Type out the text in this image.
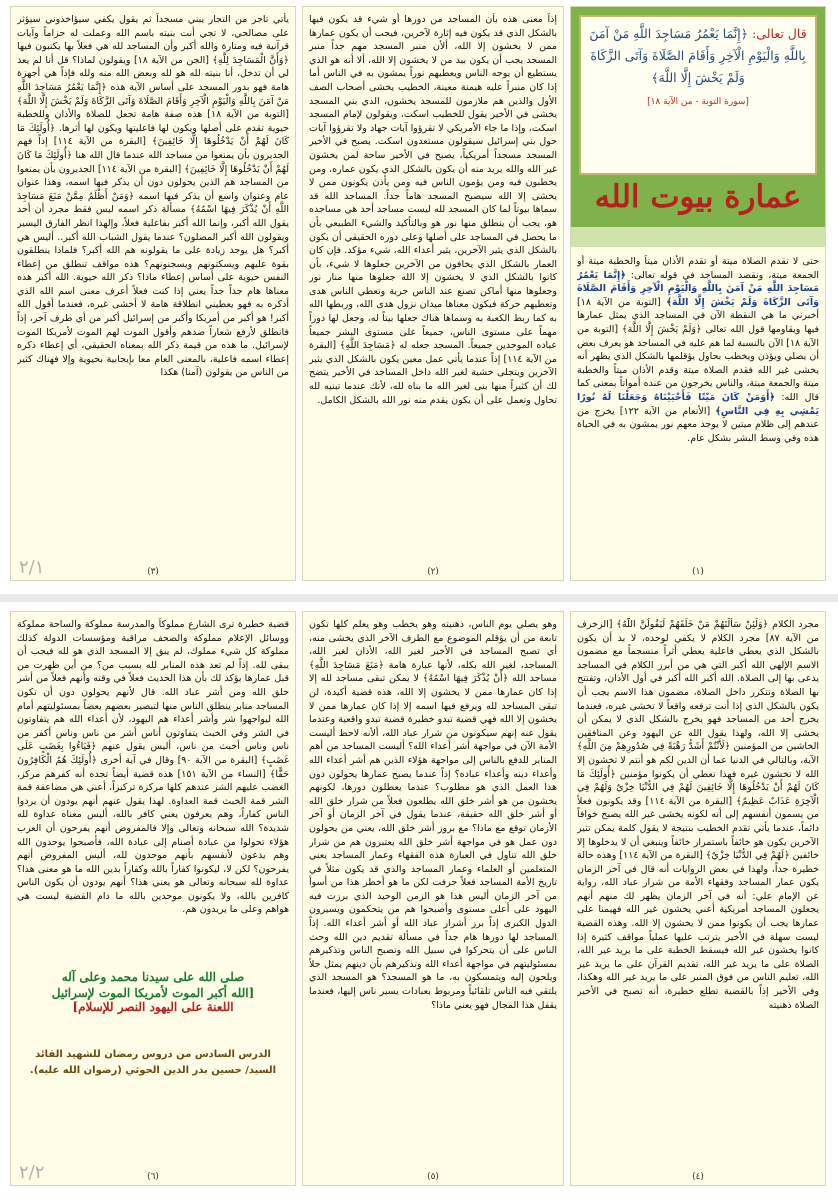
قال تعالى: ﴿إِنَّمَا يَعْمُرُ مَسَاجِدَ اللَّهِ مَنْ آمَنَ بِاللَّهِ وَالْيَوْمِ الْآخِرِ وَأَقَامَ الصَّلَاةَ وَآتَى الزَّكَاةَ وَلَمْ يَخْشَ إِلَّا اللَّهَ﴾
[سورة التوبة - من الآية ١٨]
عمارة بيوت الله

حتى لا تقدم الصلاة ميتة أو تقدم الأذان ميتاً والخطبة ميتة أو الجمعة ميتة، ونقصد المساجد في قوله تعالى: ﴿إِنَّمَا يَعْمُرُ مَسَاجِدَ اللَّهِ مَنْ آمَنَ بِاللَّهِ وَالْيَوْمِ الْآخِرِ وَأَقَامَ الصَّلَاةَ وَآتَى الزَّكَاةَ وَلَمْ يَخْشَ إِلَّا اللَّهَ﴾ [التوبة من الآية ١٨] أخبرني ما هي النقطة الآن في المساجد الذي يمثل عمارها فيها ويقاومها قول الله تعالى ﴿وَلَمْ يَخْشَ إِلَّا اللَّهَ﴾ [التوبة من الآية ١٨] الآن بالنسبة لما هم عليه في المساجد هو يعرف بعض أن يصلي ويؤذن ويخطب بحاول يؤقلمها بالشكل الذي يظهر أنه يخشى غير الله فقدم الصلاة ميتة وقدم الأذان ميتاً والخطبة ميتة والجمعة ميتة، والناس يخرجون من عنده أمواتاً بمعنى كما قال الله: ﴿أَوَمَنْ كَانَ مَيْتًا فَأَحْيَيْنَاهُ وَجَعَلْنَا لَهُ نُورًا يَمْشِي بِهِ فِي النَّاسِ﴾ [الأنعام من الآية ١٢٢] يخرج من عندهم إلى ظلام ميتين لا يوجد معهم نور يمشون به في الحياة هذه وفي وسط البشر بشكل عام.

(١)

إذاً معنى هذه بأن المساجد من دورها أو شيء قد يكون فيها بالشكل الذي قد يكون فيه إثارة لآخرين، فيجب أن يكون عمارها ممن لا يخشون إلا الله، ألأن منبر المسجد مهم جداً منبر المسجد يجب أن يكون بيد من لا يخشون إلا الله، ألا أنه هو الذي يستطيع أن يوجه الناس ويعطيهم نوراً يمشون به في الناس أما إذا كان منبراً عليه هيمنة معينة، الخطيب يخشى أصحاب الصف الأول والذين هم ملازمون للمسجد يخشون، الذي بني المسجد يخشى في الأخير يقول للخطيب اسكت، ويقولون لإمام المسجد اسكت، وإذا ما جاء الأمريكي لا تقرؤوا آيات جهاد ولا تقرؤوا آيات حول بني إسرائيل سيقولون مستعدون اسكت. يصبح في الأخير المسجد مسجداً أمريكياً، يصبح في الأخير ساحة لمن يخشون غير الله والله يريد منه أن يكون بالشكل الذي يكون عماره، ومن يخطبون فيه ومن يؤمون الناس فيه ومن يأذن يكونون ممن لا يخشى إلا الله سيصبح المسجد هاماً جداً. المساجد الله قد سماها بيوتاً لما كان المسجد لله ليست مساجد أحد هي مساجده هو، يجب أن ينطلق منها نور هو وبالتأكيد والشيء الطبيعي بأن ما يحصل في المساجد على أصلها وعلى دوره الحقيقي أن يكون بالشكل الذي يثير الآخرين، يثير أعداء الله، شيء مؤكد. فإن كان العمار بالشكل الذي يخافون من الآخرين جعلوها لا شيء، بأن كانوا بالشكل الذي لا يخشون إلا الله جعلوها منها منار نور وجعلوها منها أماكن تصنع عند الناس حرية وتعطي الناس هدى وتعطيهم حركة فيكون معناها ميدان نزول هدى الله، وربطها الله به كما ربط الكعبة به وسماها هناك جعلها بيتاً له، وجعل لها دوراً مهماً على مستوى الناس، جميعاً على مستوى البشر جميعاً عباده الموحدين جميعاً. المسجد جعله له ﴿مَسَاجِدَ اللَّهِ﴾ [البقرة من الآية ١١٤] إذاً عندما يأتي عمل معين يكون بالشكل الذي يثير الآخرين ويتجلى خشية لغير الله داخل المساجد في الأخير يتضح لك أن كثيراً منها بنى لغير الله ما بناه لله، لأنك عندما تبنيه لله تحاول وتعمل على أن يكون يقدم منه نور الله بالشكل الكامل.

(٢)

يأتي تاجر من التجار يبني مسجداً ثم يقول يكفي سيؤاخذوني سيؤثر على مصالحي، لا تجي أنت بنيته باسم الله وعملت له حزاماً وآيات قرآنية فيه ومنارة والله أكبر وأن المساجد لله هي فعلاً بها يكتبون فيها ﴿وَأَنَّ الْمَسَاجِدَ لِلَّهِ﴾ [الجن من الآية ١٨] ويقولون لماذا؟ قل أنا لم يعد لي أن تدخل، أنا بنيته لله هو لله وبعض الله منه ولله فإذاً هي أجهزة هامة فهو بدور المسجد على أساس الآية هذه ﴿إِنَّمَا يَعْمُرُ مَسَاجِدَ اللَّهِ مَنْ آمَنَ بِاللَّهِ وَالْيَوْمِ الْآخِرِ وَأَقَامَ الصَّلَاةَ وَآتَى الزَّكَاةَ وَلَمْ يَخْشَ إِلَّا اللَّهَ﴾ [التوبة من الآية ١٨] هذه صفة هامة تجعل للصلاة والأذان وللخطبة حيوية تقدم على أصلها ويكون لها فاعليتها ويكون لها أثرها. ﴿أُولَئِكَ مَا كَانَ لَهُمْ أَنْ يَدْخُلُوهَا إِلَّا خَائِفِينَ﴾ [البقرة من الآية ١١٤] إذاً فهم الجديرون بأن يمنعوا من مساجد الله عندما قال الله هنا ﴿أُولَئِكَ مَا كَانَ لَهُمْ أَنْ يَدْخُلُوهَا إِلَّا خَائِفِينَ﴾ [البقرة من الآية ١١٤] الجديرون بأن يمنعوا من المساجد هم الذين يحولون دون أن يذكر فيها اسمه، وهذا عنوان عام وعنوان واسع أن يذكر فيها اسمه ﴿وَمَنْ أَظْلَمُ مِمَّنْ مَنَعَ مَسَاجِدَ اللَّهِ أَنْ يُذْكَرَ فِيهَا اسْمُهُ﴾ مسألة ذكر اسمه ليس فقط مجرد أن أحد يقول الله أكبر، وإنما الله أكبر بفاعلية فعلاً، وإلهذا انظر الفارق اليسير ويقولون الله أكبر المصلون؟ عندما يقول الشباب الله أكبر.. أليس هي أكبر؟ هل يوجد زيادة على ما يقولونه هم الله أكبر؟ فلماذا ينطلقون بقوة عليهم ويسكتونهم ويسجنونهم؟ هذه مواقف تنطلق من إعطاء النفس حيوية على أساس إعطاء ماذا؟ ذكر الله حيوية. الله أكبر هذه معناها هام جداً جداً يعني إذا كنت فعلاً أعرف معنى اسم الله الذي أذكره به فهو يعطيني انطلاقة هامة لا أخشى غيره، فعندما أقول الله أكبر! هو أكبر من أمريكا وأكبر من إسرائيل أكبر من أي طرف آخر، إذاً فانطلق لأرفع شعاراً ضدهم وأقول الموت لهم الموت لأمريكا الموت لإسرائيل. ما هذه من قيمة ذكر الله بمعناه الحقيقي، أي إعطاء ذكره إعطاء اسمه فاعلية، بالمعنى العام معا بإيجابية بحيوية وإلا فهناك كثير من الناس من يقولون (آمنا) هكذا

(٣)
٢/١

مجرد الكلام ﴿وَلَئِنْ سَأَلْتَهُمْ مَنْ خَلَقَهُمْ لَيَقُولُنَّ اللَّهُ﴾ [الزخرف من الآية ٨٧] مجرد الكلام لا يكفي لوحده، لا بد أن يكون بالشكل الذي يعطي فاعلية يعطي أثراً منسجماً مع مضمون الاسم الإلهي الله أكبر التي هي من أبرز الكلام في المساجد يدعى بها إلى الصلاة. الله أكبر الله أكبر في أول الأذان، وتفتتح بها الصلاة وتتكرر داخل الصلاة، مضمون هذا الاسم يجب أن يكون بالشكل الذي إذا أنت ترفعه واقعاً لا تخشى غيره، فعندما يخرج أحد من المساجد فهو يخرج بالشكل الذي لا يمكن أن يخشى إلا الله، ولهذا يقول الله عن اليهود وعن المنافقين الخاشين من المؤمنين ﴿لَأَنْتُمْ أَشَدُّ رَهْبَةً فِي صُدُورِهِمْ مِنَ اللَّهِ﴾ الآية، وبالتالي في الدنيا عما أن الدين لكم هو أنتم لا تخشون إلا الله لا تخشون غيره فهذا تعطي أن يكونوا مؤمنين ﴿أُولَئِكَ مَا كَانَ لَهُمْ أَنْ يَدْخُلُوهَا إِلَّا خَائِفِينَ لَهُمْ فِي الدُّنْيَا خِزْيٌ وَلَهُمْ فِي الْآخِرَةِ عَذَابٌ عَظِيمٌ﴾ [البقرة من الآية ١١٤] وقد يكونون فعلاً من يسمون أنفسهم إلى أنه لكونه يخشى غير الله يصبح خوافاً دائماً، عندما يأتي تقدم الخطيب بنتيجة لا يقول كلمة يمكن تثير الآخرين يكون هو خائفاً باستمرار خائفاً وينبغي أن لا يدخلوها إلا خائفين ﴿لَهُمْ فِي الدُّنْيَا خِزْيٌ﴾ [البقرة من الآية ١١٤] وهذه حالة خطيرة جداً، ولهذا في بعض الروايات أنه قال في آخر الزمان يكون عمار المساجد وفقهاء الأمة من شرار عباد الله، رواية عن الإمام علي: أنه في آخر الزمان يظهر لك منهم أنهم يجعلون المساجد أمريكية أعني يخشون غير الله فهيمنا على عمارها يجب أن يكونوا ممن لا يخشون إلا الله. وهذه القضية ليست سهلة في الأخير يترتب عليها عملياً مواقف كثيرة إذا كانوا يخشون غير الله فيسقط الخطبة على ما يريد غير الله، الصلاة على ما يريد غير الله، تقديم القرآن على ما يريد غير الله، تعليم الناس من فوق المنبر على ما يريد غير الله وهكذا، وفي الأخير إذاً بالقضية تطلع خطيرة، أنه تصبح في الأخير الصلاة ذهنيته

(٤)

وهو يصلي يوم الناس، ذهنيته وهو يخطب وهو يعلم كلها تكون تابعة من أن يؤقلم الموضوع مع الطرف الآخر الذي يخشى منه، أي تصبح المساجد في الأخير لغير الله، الأذان لغير الله، المساجد، لغير الله بكله، لأنها عبارة هامة ﴿مَنَعَ مَسَاجِدَ اللَّهِ﴾ مساجد الله ﴿أَنْ يُذْكَرَ فِيهَا اسْمُهُ﴾ لا يمكن تبقى مساجد لله إلا إذا كان عمارها ممن لا يخشون إلا الله، هذه قضية أكيدة، لن تبقى المساجد لله ويرفع فيها اسمه إلا إذا كان عمارها ممن لا يخشون إلا الله فهي قضية تبدو خطيرة قضية تبدو واقعية وعندما يقول عنه إنهم سيكونون من شرار عباد الله، ألأنه لاحظ أليست الأمة الآن في مواجهة أشر أعداء الله؟ أليست المساجد من أهم المنابر للدفع بالناس إلى مواجهة هؤلاء الذين هم أشر أعداء الله وأعداء دينه وأعداء عباده؟ إذاً عندما يصبح عمارها يحولون دون هذا العمل الذي هو مطلوب؟ عندما يعطلون دورها، لكونهم يخشون من هو أشر خلق الله يطلعون فعلاً من شرار خلق الله أو أشر خلق الله حقيقة، عندما يقول في آخر الزمان أو آخر الأزمان توقع مع ماذا؟ مع بروز أشر خلق الله، يعني من يحولون دون عمل هو في مواجهة أشر خلق الله يعتبرون هم من شرار خلق الله تناول في العبارة هذه الفقهاء وعمار المساجد يعني المتعلمين أو العلماء وعمار المساجد والذي قد يكون مثلاً في تاريخ الأمة المساجد فعلاً حرفت لكن ما هو أخطر هذا من أسوأ من آخر الزمان أليس هذا هو الزمن الوحيد الذي برزت فيه اليهود على أعلى مستوى وأصبحوا هم من يتحكمون ويسيرون الدول الكبرى إذاً برز أشرار عباد الله أو أشر أعداء الله. إذاً المساجد لها دورها هام جداً في مسألة تقديم دين الله وحث الناس على أن يتحركوا في سبيل الله وتصبح الناس وتذكيرهم بمسئوليتهم في مواجهة أعداء الله وتذكيرهم بأن دينهم يمثل حلاً ويلحون إليه ويتمسكون به، ما هو المسجد؟ هو المسجد الذي يلتقي فيه الناس تلقائياً ومربوط بعبادات يسير ناس إليها، فعندما يقفل هذا المجال فهو يعني ماذا؟

(٥)

قضية خطيرة ترى الشارع مملوكاً والمدرسة مملوكة والساحة مملوكة ووسائل الإعلام مملوكة والصحف مراقبة ومؤسسات الدولة كذلك مملوكة كل شيء مملوك، لم يبق إلا المسجد الذي هو لله فيجب أن يبقى لله. إذاً لم تعد هذه المنابر لله بسبب من؟ من أين ظهرت من قبل عمارها يؤكد لك بأن هذا الحديث فعلاً في وقته وأنهم فعلاً من أشر خلق الله ومن أشر عباد الله. قال لأنهم يحولون دون أن تكون المساجد منابر ينطلق الناس منها لتبصير بعضهم بعضاً بمسئوليتهم أمام الله ليواجهوا شر وأشر أعداء هم اليهود، لأن أعداء الله هم يتفاوتون في الشر وفي الخبث يتفاوتون أناس أشر من ناس وناس أكفر من ناس وناس أخبث من ناس، أليس يقول عنهم ﴿فَبَاءُوا بِغَضَبٍ عَلَى غَضَبٍ﴾ [البقرة من الآية ٩٠] وقال في آية أخرى ﴿أُولَئِكَ هُمُ الْكَافِرُونَ حَقًّا﴾ [النساء من الآية ١٥١] هذه قضية أيضاً تجده أنه كفرهم مركز، الغضب عليهم الشر عندهم كلها مركزة تركيزاً، أعني هي مضاعفة قمة الشر قمة الخبث قمة العداوة. لهذا يقول عنهم أنهم يودون أن يردوا الناس كفاراً، وهم يعرفون يعني كافر بالله، أليس معناه عداوة لله شديدة؟ الله سبحانه وتعالى وإلا فالمفروض أنهم يفرحون أن العرب هؤلاء تحولوا من عبادة أصنام إلى عبادة الله، فأصبحوا يوحدون الله وهم يدعون لأنفسهم بأنهم موحدون لله، أليس المفروض أنهم يفرحون؟ لكن لا، ليكونوا كفاراً بالله وكفاراً بدين الله ما هو معنى هذا؟ عداوة لله سبحانه وتعالى هو يعني هذا؟ أنهم يودون أن يكون الناس كافرين بالله، ولا يكونون موحدين بالله ما دام القضية ليست هي هواهم وعلى ما يريدون هم.

صلى الله على سيدنا محمد وعلى آله
[الله أكبر الموت لأمريكا الموت لإسرائيل
اللعنة على اليهود النصر للإسلام]
الدرس السادس من دروس رمضان للشهيد القائد
السيد/ حسين بدر الدين الحوثي (رضوان الله عليه).
(٦)
٢/٢
